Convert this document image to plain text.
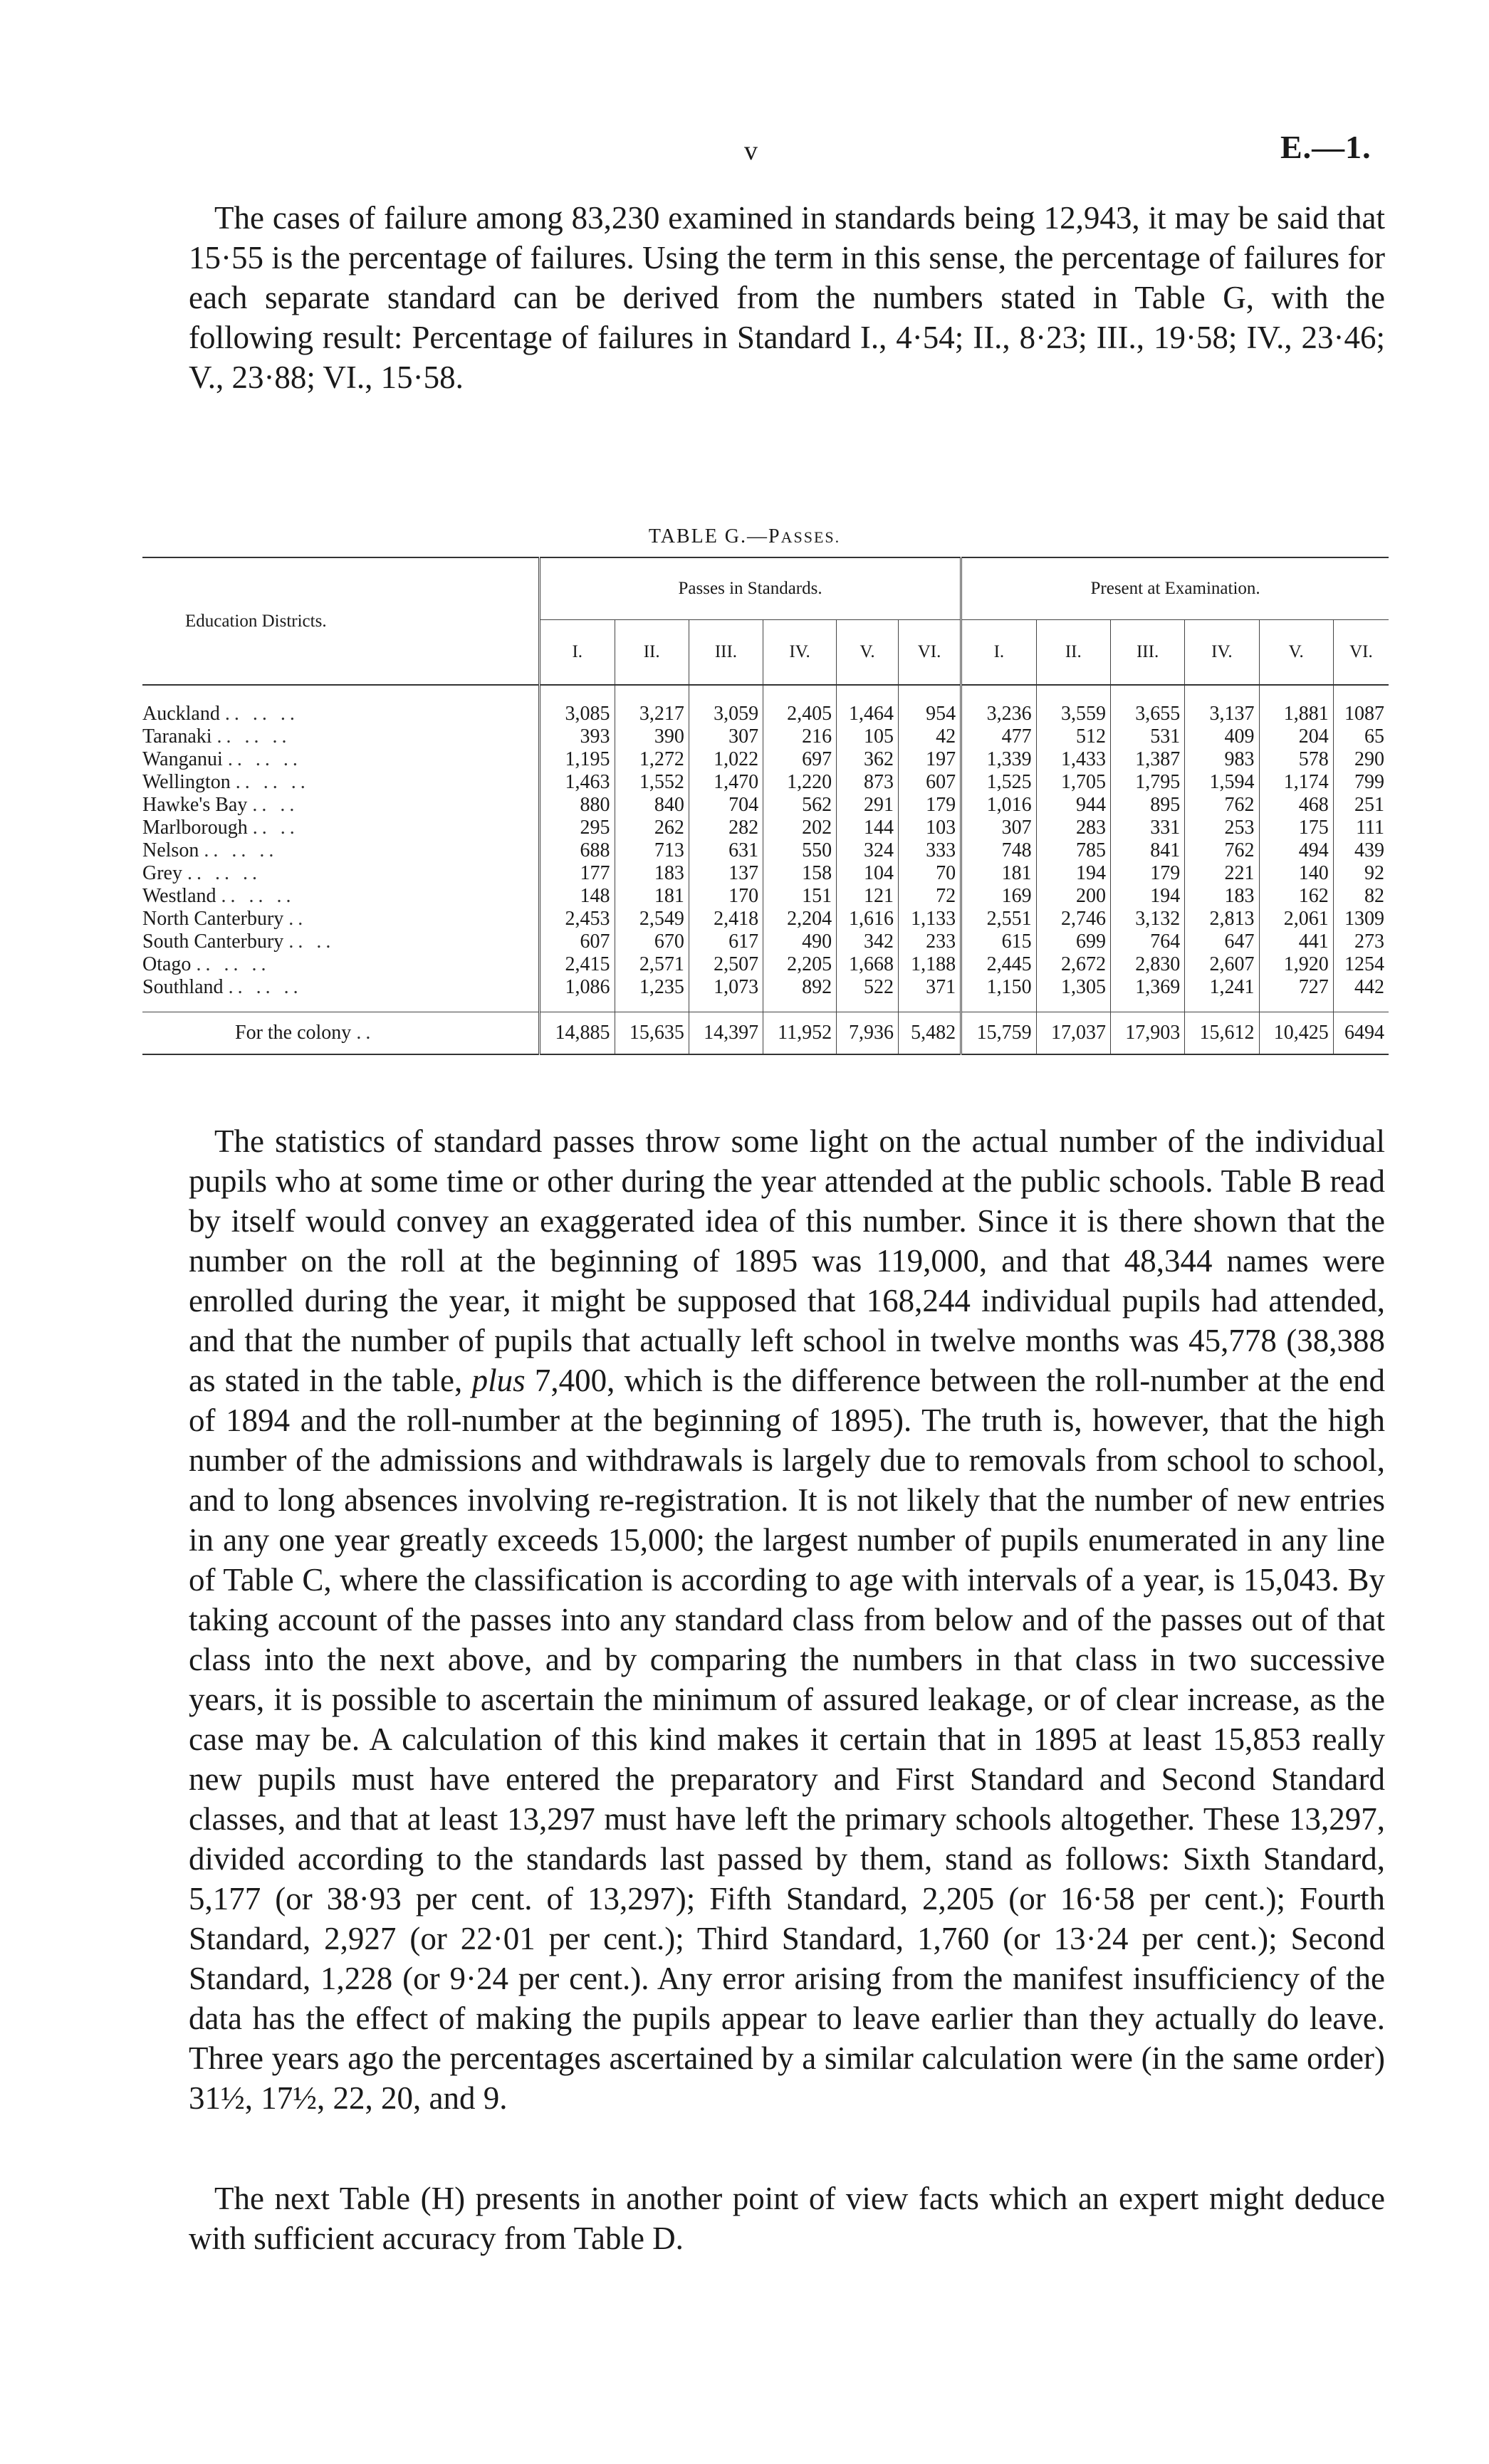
v	E.—1.

The cases of failure among 83,230 examined in standards being 12,943, it may be said that 15·55 is the percentage of failures. Using the term in this sense, the percentage of failures for each separate standard can be derived from the numbers stated in Table G, with the following result: Percentage of failures in Standard I., 4·54; II., 8·23; III., 19·58; IV., 23·46; V., 23·88; VI., 15·58.

TABLE G.—PASSES.
Education Districts.	Passes in Standards.						Present at Examination.					
	I.	II.	III.	IV.	V.	VI.	I.	II.	III.	IV.	V.	VI.
Auckland .. .. ..	3,085	3,217	3,059	2,405	1,464	954	3,236	3,559	3,655	3,137	1,881	1087
Taranaki .. .. ..	393	390	307	216	105	42	477	512	531	409	204	65
Wanganui .. .. ..	1,195	1,272	1,022	697	362	197	1,339	1,433	1,387	983	578	290
Wellington .. .. ..	1,463	1,552	1,470	1,220	873	607	1,525	1,705	1,795	1,594	1,174	799
Hawke's Bay .. ..	880	840	704	562	291	179	1,016	944	895	762	468	251
Marlborough .. ..	295	262	282	202	144	103	307	283	331	253	175	111
Nelson .. .. ..	688	713	631	550	324	333	748	785	841	762	494	439
Grey .. .. ..	177	183	137	158	104	70	181	194	179	221	140	92
Westland .. .. ..	148	181	170	151	121	72	169	200	194	183	162	82
North Canterbury ..	2,453	2,549	2,418	2,204	1,616	1,133	2,551	2,746	3,132	2,813	2,061	1309
South Canterbury .. ..	607	670	617	490	342	233	615	699	764	647	441	273
Otago .. .. ..	2,415	2,571	2,507	2,205	1,668	1,188	2,445	2,672	2,830	2,607	1,920	1254
Southland .. .. ..	1,086	1,235	1,073	892	522	371	1,150	1,305	1,369	1,241	727	442
For the colony ..	14,885	15,635	14,397	11,952	7,936	5,482	15,759	17,037	17,903	15,612	10,425	6494

The statistics of standard passes throw some light on the actual number of the individual pupils who at some time or other during the year attended at the public schools. Table B read by itself would convey an exaggerated idea of this number. Since it is there shown that the number on the roll at the beginning of 1895 was 119,000, and that 48,344 names were enrolled during the year, it might be supposed that 168,244 individual pupils had attended, and that the number of pupils that actually left school in twelve months was 45,778 (38,388 as stated in the table, plus 7,400, which is the difference between the roll-number at the end of 1894 and the roll-number at the beginning of 1895). The truth is, however, that the high number of the admissions and withdrawals is largely due to removals from school to school, and to long absences involving re-registration. It is not likely that the number of new entries in any one year greatly exceeds 15,000; the largest number of pupils enumerated in any line of Table C, where the classification is according to age with intervals of a year, is 15,043. By taking account of the passes into any standard class from below and of the passes out of that class into the next above, and by comparing the numbers in that class in two successive years, it is possible to ascertain the minimum of assured leakage, or of clear increase, as the case may be. A calculation of this kind makes it certain that in 1895 at least 15,853 really new pupils must have entered the preparatory and First Standard and Second Standard classes, and that at least 13,297 must have left the primary schools altogether. These 13,297, divided according to the standards last passed by them, stand as follows: Sixth Standard, 5,177 (or 38·93 per cent. of 13,297); Fifth Standard, 2,205 (or 16·58 per cent.); Fourth Standard, 2,927 (or 22·01 per cent.); Third Standard, 1,760 (or 13·24 per cent.); Second Standard, 1,228 (or 9·24 per cent.). Any error arising from the manifest insufficiency of the data has the effect of making the pupils appear to leave earlier than they actually do leave. Three years ago the percentages ascertained by a similar calculation were (in the same order) 31½, 17½, 22, 20, and 9.

The next Table (H) presents in another point of view facts which an expert might deduce with sufficient accuracy from Table D.
